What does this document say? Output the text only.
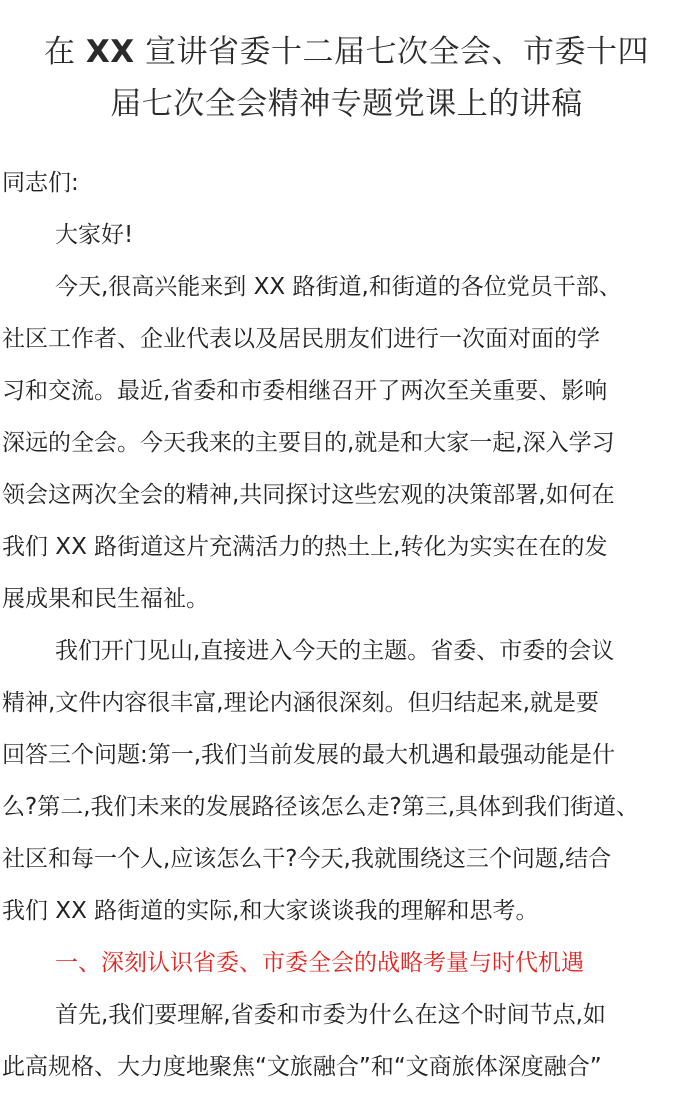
在 XX 宣讲省委十二届七次全会、市委十四
届七次全会精神专题党课上的讲稿
同志们:
大家好!
今天,很高兴能来到 XX 路街道,和街道的各位党员干部、
社区工作者、企业代表以及居民朋友们进行一次面对面的学
习和交流。最近,省委和市委相继召开了两次至关重要、影响
深远的全会。今天我来的主要目的,就是和大家一起,深入学习
领会这两次全会的精神,共同探讨这些宏观的决策部署,如何在
我们 XX 路街道这片充满活力的热土上,转化为实实在在的发
展成果和民生福祉。
我们开门见山,直接进入今天的主题。省委、市委的会议
精神,文件内容很丰富,理论内涵很深刻。但归结起来,就是要
回答三个问题:第一,我们当前发展的最大机遇和最强动能是什
么?第二,我们未来的发展路径该怎么走?第三,具体到我们街道、
社区和每一个人,应该怎么干?今天,我就围绕这三个问题,结合
我们 XX 路街道的实际,和大家谈谈我的理解和思考。
一、深刻认识省委、市委全会的战略考量与时代机遇
首先,我们要理解,省委和市委为什么在这个时间节点,如
此高规格、大力度地聚焦“文旅融合”和“文商旅体深度融合”
